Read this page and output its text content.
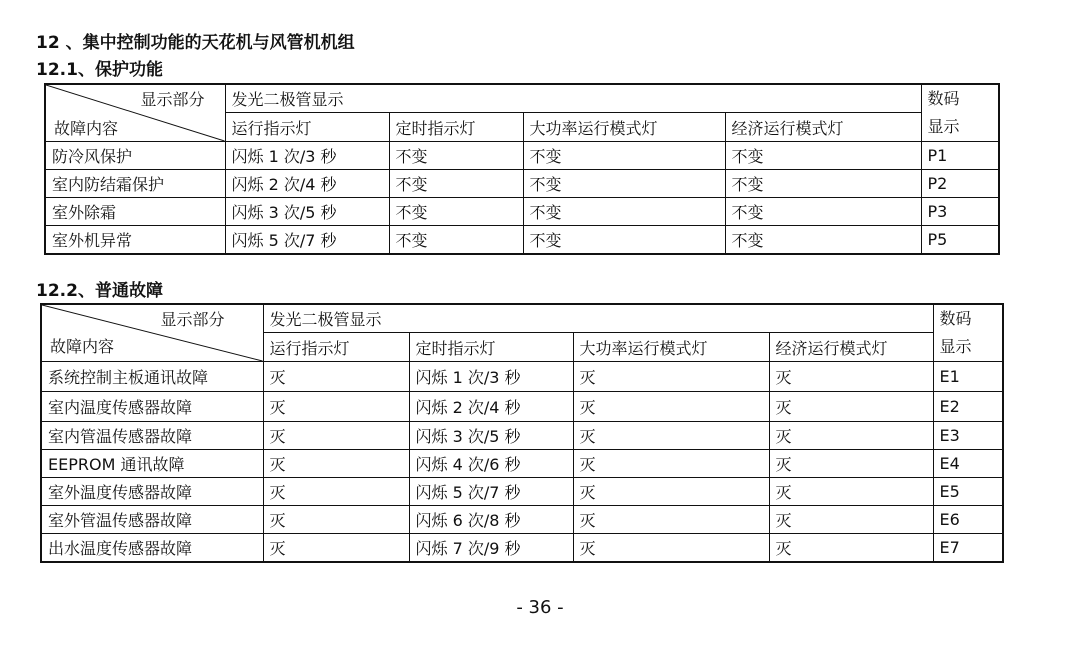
12 、集中控制功能的天花机与风管机机组
12.1、保护功能
显示部分
故障内容	发光二极管显示				数码显示
	运行指示灯	定时指示灯	大功率运行模式灯	经济运行模式灯	
防冷风保护	闪烁 1 次/3 秒	不变	不变	不变	P1
室内防结霜保护	闪烁 2 次/4 秒	不变	不变	不变	P2
室外除霜	闪烁 3 次/5 秒	不变	不变	不变	P3
室外机异常	闪烁 5 次/7 秒	不变	不变	不变	P5
12.2、普通故障
显示部分
故障内容	发光二极管显示				数码显示
	运行指示灯	定时指示灯	大功率运行模式灯	经济运行模式灯	
系统控制主板通讯故障	灭	闪烁 1 次/3 秒	灭	灭	E1
室内温度传感器故障	灭	闪烁 2 次/4 秒	灭	灭	E2
室内管温传感器故障	灭	闪烁 3 次/5 秒	灭	灭	E3
EEPROM 通讯故障	灭	闪烁 4 次/6 秒	灭	灭	E4
室外温度传感器故障	灭	闪烁 5 次/7 秒	灭	灭	E5
室外管温传感器故障	灭	闪烁 6 次/8 秒	灭	灭	E6
出水温度传感器故障	灭	闪烁 7 次/9 秒	灭	灭	E7
- 36 -
